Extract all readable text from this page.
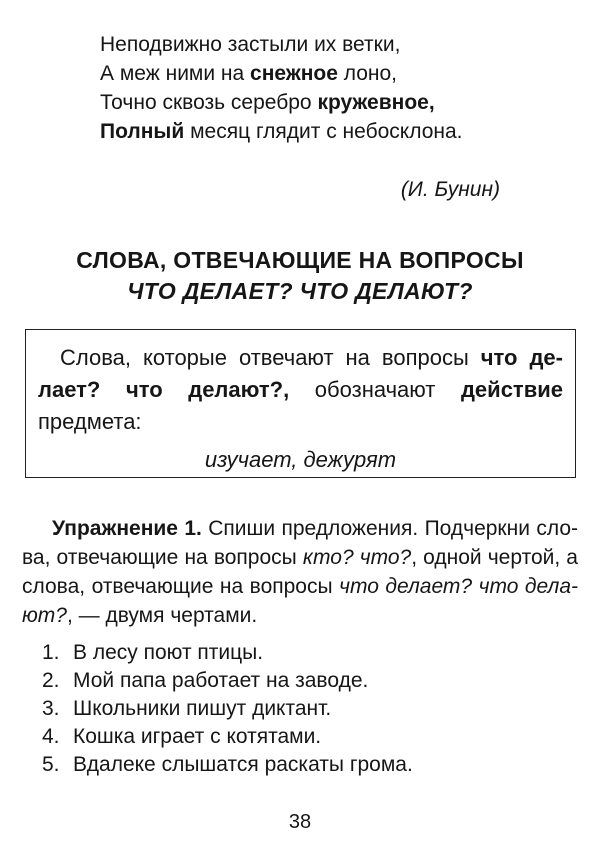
Неподвижно застыли их ветки,
А меж ними на снежное лоно,
Точно сквозь серебро кружевное,
Полный месяц глядит с небосклона.
(И. Бунин)
СЛОВА, ОТВЕЧАЮЩИЕ НА ВОПРОСЫ
ЧТО ДЕЛАЕТ? ЧТО ДЕЛАЮТ?
Слова, которые отвечают на вопросы что де-
лает? что делают?, обозначают действие
предмета:
изучает, дежурят
Упражнение 1. Спиши предложения. Подчеркни сло-
ва, отвечающие на вопросы кто? что?, одной чертой, а
слова, отвечающие на вопросы что делает? что дела-
ют?, — двумя чертами.
1. В лесу поют птицы.
2. Мой папа работает на заводе.
3. Школьники пишут диктант.
4. Кошка играет с котятами.
5. Вдалеке слышатся раскаты грома.
38
